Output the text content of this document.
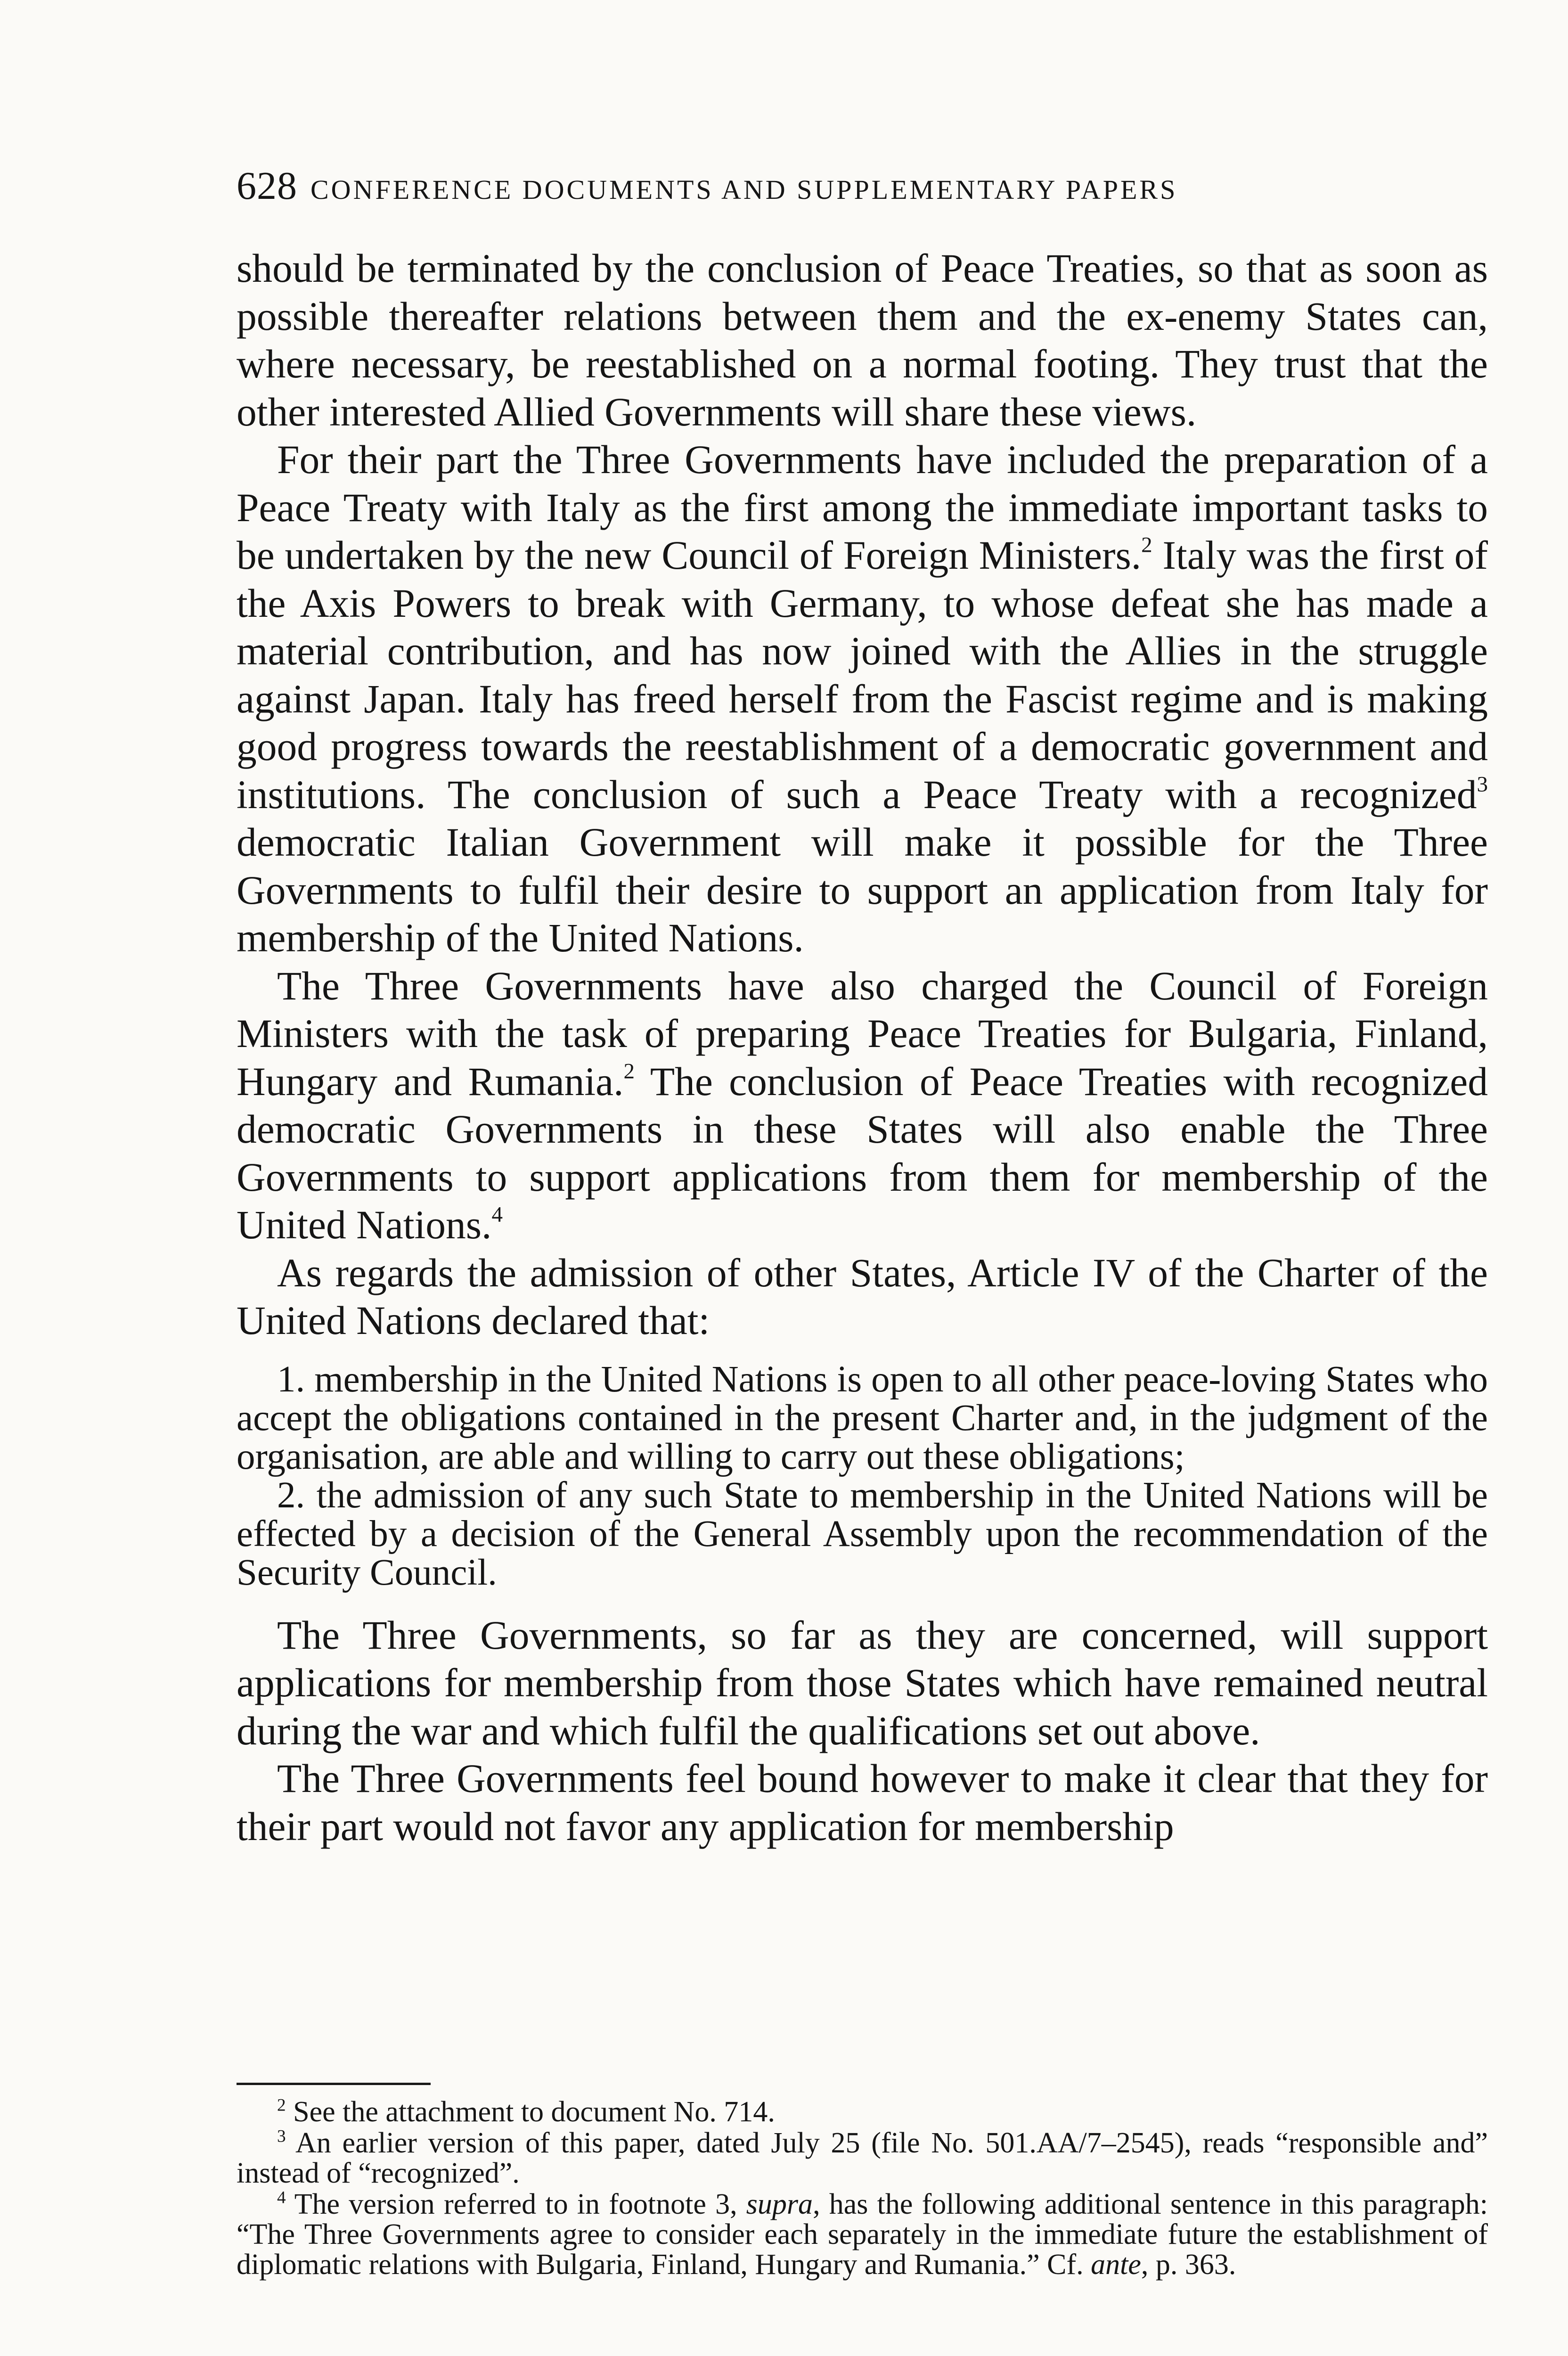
628 CONFERENCE DOCUMENTS AND SUPPLEMENTARY PAPERS

should be terminated by the conclusion of Peace Treaties, so that as soon as possible thereafter relations between them and the ex-enemy States can, where necessary, be reestablished on a normal footing. They trust that the other interested Allied Governments will share these views.

For their part the Three Governments have included the preparation of a Peace Treaty with Italy as the first among the immediate important tasks to be undertaken by the new Council of Foreign Ministers.$^2$ Italy was the first of the Axis Powers to break with Germany, to whose defeat she has made a material contribution, and has now joined with the Allies in the struggle against Japan. Italy has freed herself from the Fascist regime and is making good progress towards the reestablishment of a democratic government and institutions. The conclusion of such a Peace Treaty with a recognized$^3$ democratic Italian Government will make it possible for the Three Governments to fulfil their desire to support an application from Italy for membership of the United Nations.

The Three Governments have also charged the Council of Foreign Ministers with the task of preparing Peace Treaties for Bulgaria, Finland, Hungary and Rumania.$^2$ The conclusion of Peace Treaties with recognized democratic Governments in these States will also enable the Three Governments to support applications from them for membership of the United Nations.$^4$

As regards the admission of other States, Article IV of the Charter of the United Nations declared that:

1. membership in the United Nations is open to all other peace-loving States who accept the obligations contained in the present Charter and, in the judgment of the organisation, are able and willing to carry out these obligations;

2. the admission of any such State to membership in the United Nations will be effected by a decision of the General Assembly upon the recommendation of the Security Council.

The Three Governments, so far as they are concerned, will support applications for membership from those States which have remained neutral during the war and which fulfil the qualifications set out above.

The Three Governments feel bound however to make it clear that they for their part would not favor any application for membership

$^2$ See the attachment to document No. 714.

$^3$ An earlier version of this paper, dated July 25 (file No. 501.AA/7–2545), reads “responsible and” instead of “recognized”.

$^4$ The version referred to in footnote 3, supra, has the following additional sentence in this paragraph: “The Three Governments agree to consider each separately in the immediate future the establishment of diplomatic relations with Bulgaria, Finland, Hungary and Rumania.” Cf. ante, p. 363.
